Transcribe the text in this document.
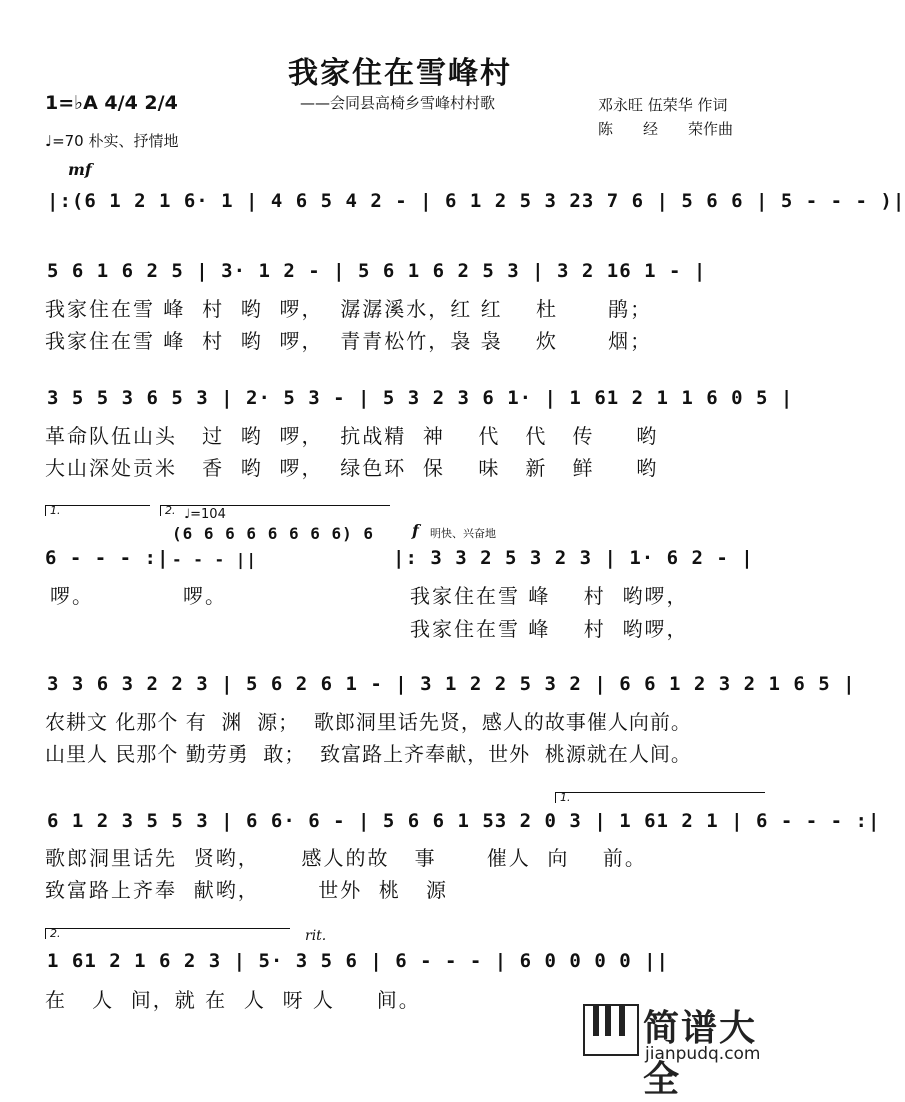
我家住在雪峰村
——会同县高椅乡雪峰村村歌	邓永旺 伍荣华 作词
陈　　经　　荣作曲
1=♭A 4/4 2/4
♩=70 朴实、抒情地
mf
|:(6 1 2 1 6· 1 | 4 6 5 4 2 - | 6 1 2 5 3 23 7 6 | 5 6 6 | 5 - - - )|
5 6 1 6 2 5 | 3· 1 2 - | 5 6 1 6 2 5 3 | 3 2 16 1 - |
我家住在雪 峰  村  哟  啰，  潺潺溪水，红 红    杜      鹃；
我家住在雪 峰  村  哟  啰，  青青松竹，袅 袅    炊      烟；
3 5 5 3 6 5 3 | 2· 5 3 - | 5 3 2 3 6 1· | 1 61 2 1 1 6 0 5 |
革命队伍山头   过  哟  啰，  抗战精  神    代   代   传     哟
大山深处贡米   香  哟  啰，  绿色环  保    味   新   鲜     哟
1.	2. ♩=104
f 明快、兴奋地
6 - - - :|
(6 6 6 6 6 6 6 6) 6 - - - ||	|: 3 3 2 5 3 2 3 | 1· 6 2 - |
啰。	啰。	我家住在雪 峰    村  哟啰，
我家住在雪 峰    村  哟啰，
3 3 6 3 2 2 3 | 5 6 2 6 1 - | 3 1 2 2 5 3 2 | 6 6 1 2 3 2 1 6 5 |
农耕文 化那个 有  渊  源；  歌郎洞里话先贤，感人的故事催人向前。
山里人 民那个 勤劳勇  敢；  致富路上齐奉献，世外  桃源就在人间。
1.
6 1 2 3 5 5 3 | 6 6· 6 - | 5 6 6 1 53 2 0 3 | 1 61 2 1 | 6 - - - :|
歌郎洞里话先  贤哟，     感人的故   事      催人  向    前。
致富路上齐奉  献哟，       世外  桃   源
2.	rit.
1 61 2 1 6 2 3 | 5· 3 5 6 | 6 - - - | 6 0 0 0 0 ||
在   人  间，就 在  人  呀 人     间。
简谱大全
jianpudq.com
